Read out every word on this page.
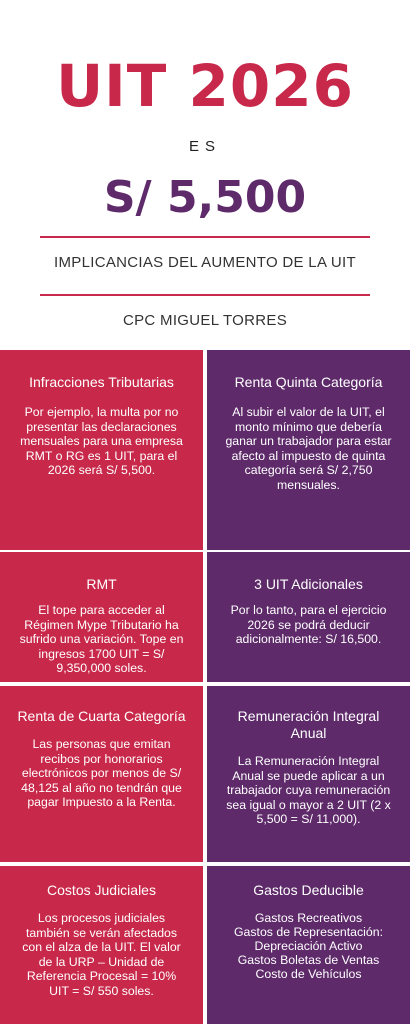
UIT 2026
ES
S/ 5,500
IMPLICANCIAS DEL AUMENTO DE LA UIT
CPC MIGUEL TORRES
Infracciones Tributarias
Por ejemplo, la multa por no presentar las declaraciones mensuales para una empresa RMT o RG es 1 UIT, para el 2026 será S/ 5,500.
Renta Quinta Categoría
Al subir el valor de la UIT, el monto mínimo que debería ganar un trabajador para estar afecto al impuesto de quinta categoría será S/ 2,750 mensuales.
RMT
El tope para acceder al Régimen Mype Tributario ha sufrido una variación. Tope en ingresos 1700 UIT = S/ 9,350,000 soles.
3 UIT Adicionales
Por lo tanto, para el ejercicio 2026 se podrá deducir adicionalmente: S/ 16,500.
Renta de Cuarta Categoría
Las personas que emitan recibos por honorarios electrónicos por menos de S/ 48,125 al año no tendrán que pagar Impuesto a la Renta.
Remuneración Integral Anual
La Remuneración Integral Anual se puede aplicar a un trabajador cuya remuneración sea igual o mayor a 2 UIT (2 x 5,500 = S/ 11,000).
Costos Judiciales
Los procesos judiciales también se verán afectados con el alza de la UIT. El valor de la URP – Unidad de Referencia Procesal = 10% UIT = S/ 550 soles.
Gastos Deducible
Gastos Recreativos
Gastos de Representación:
Depreciación Activo
Gastos Boletas de Ventas
Costo de Vehículos
